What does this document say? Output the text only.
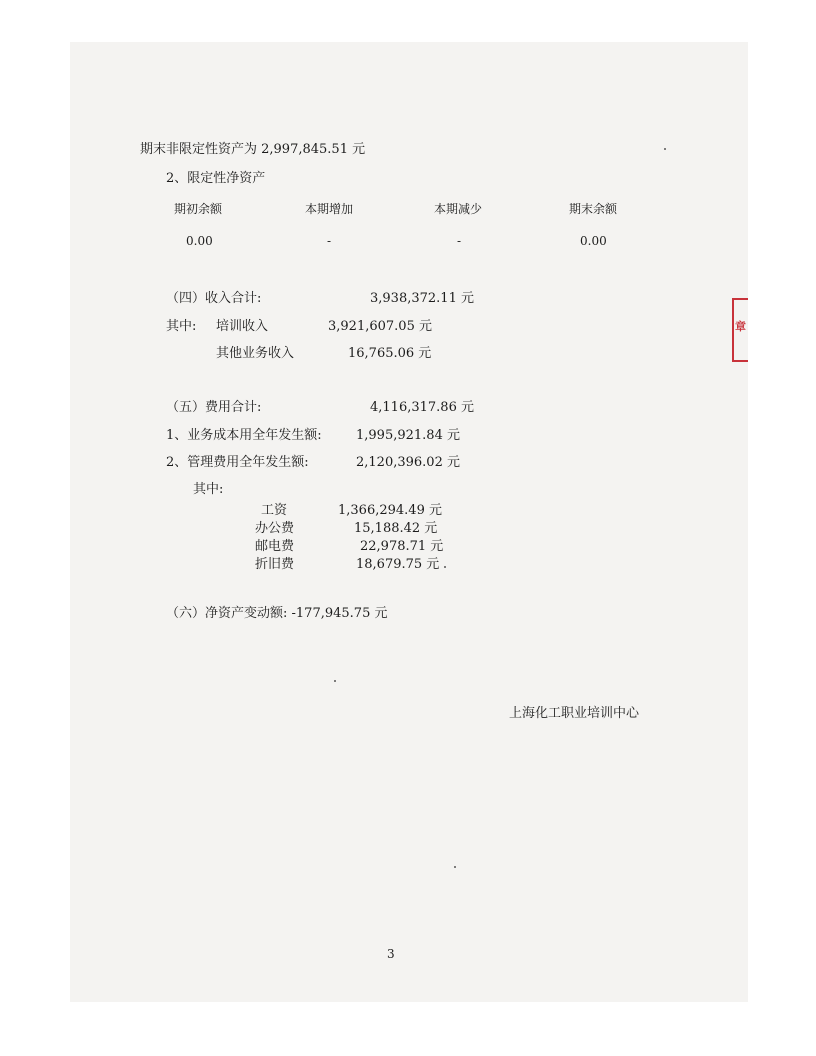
章
期末非限定性资产为 2,997,845.51 元
2、限定性净资产
期初余额	本期增加	本期减少	期末余额
0.00	-	-	0.00
（四）收入合计:	3,938,372.11 元
其中: 培训收入	3,921,607.05 元
其他业务收入	16,765.06 元
（五）费用合计:	4,116,317.86 元
1、业务成本用全年发生额:	1,995,921.84 元
2、管理费用全年发生额:	2,120,396.02 元
其中:
工资	1,366,294.49 元
办公费	15,188.42 元
邮电费	22,978.71 元
折旧费	18,679.75 元
（六）净资产变动额: -177,945.75 元
上海化工职业培训中心
3
